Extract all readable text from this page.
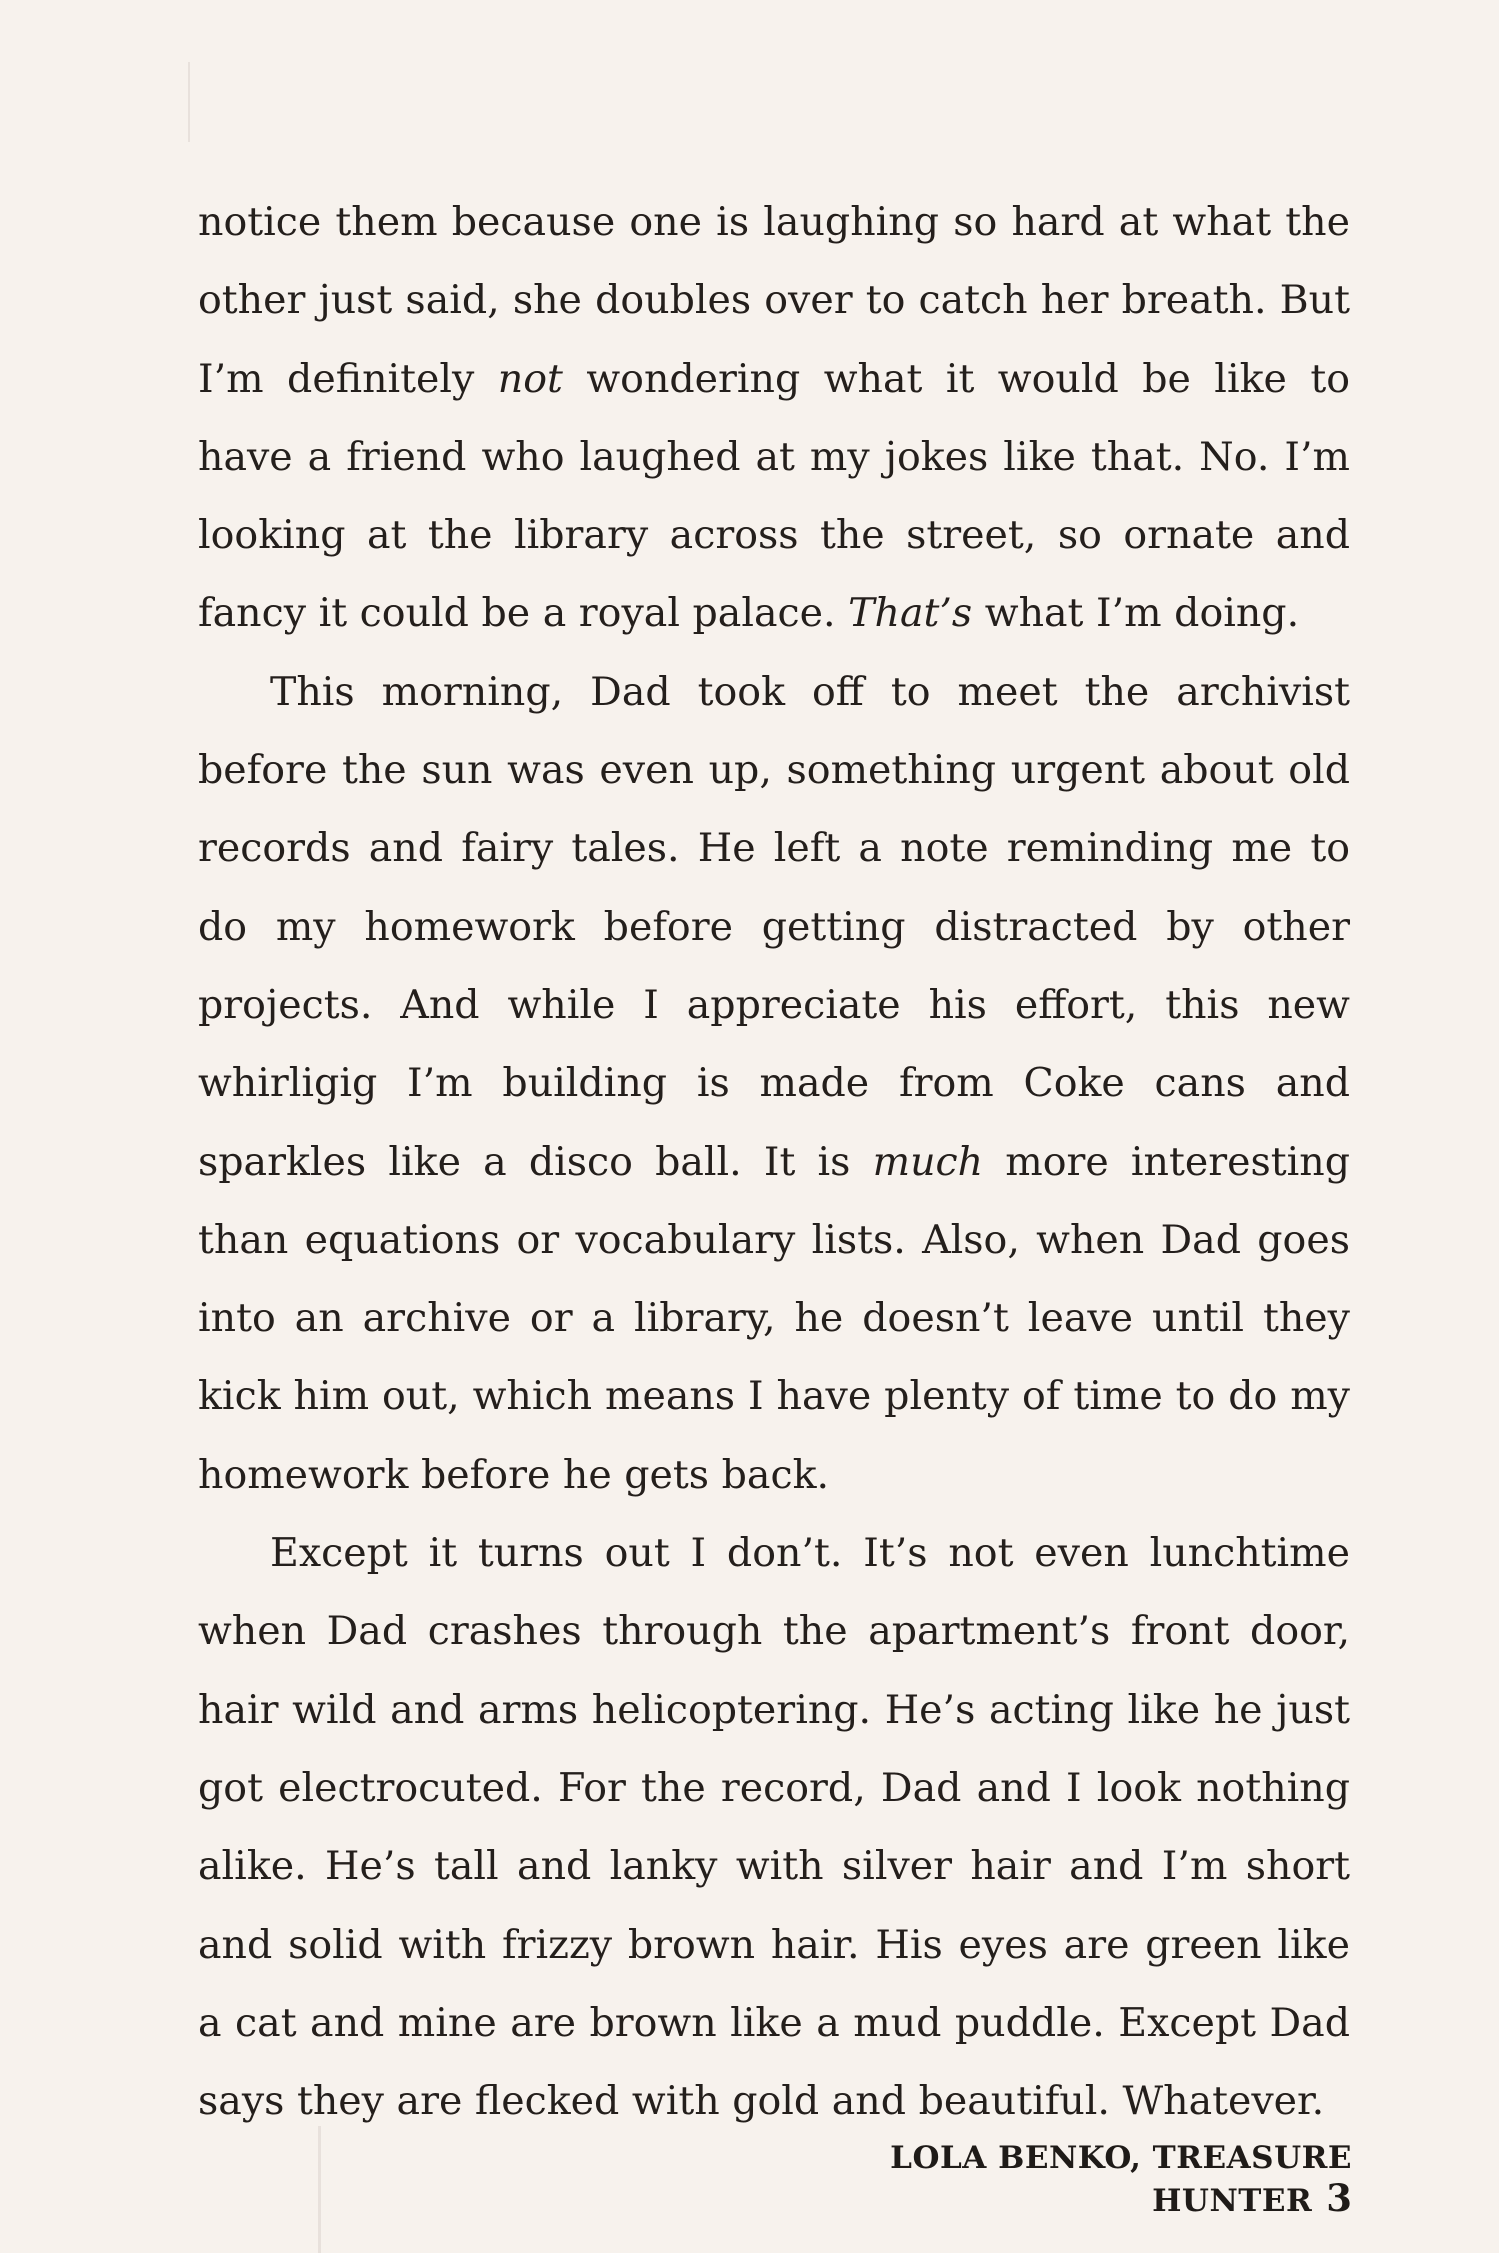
notice them because one is laughing so hard at what the other just said, she doubles over to catch her breath. But I’m definitely not wondering what it would be like to have a friend who laughed at my jokes like that. No. I’m looking at the library across the street, so ornate and fancy it could be a royal palace. That’s what I’m doing.

This morning, Dad took off to meet the archivist before the sun was even up, something urgent about old records and fairy tales. He left a note reminding me to do my homework before getting distracted by other projects. And while I appreciate his effort, this new whirligig I’m building is made from Coke cans and sparkles like a disco ball. It is much more interesting than equations or vocabulary lists. Also, when Dad goes into an archive or a library, he doesn’t leave until they kick him out, which means I have plenty of time to do my homework before he gets back.

Except it turns out I don’t. It’s not even lunchtime when Dad crashes through the apartment’s front door, hair wild and arms helicoptering. He’s acting like he just got electrocuted. For the record, Dad and I look nothing alike. He’s tall and lanky with silver hair and I’m short and solid with frizzy brown hair. His eyes are green like a cat and mine are brown like a mud puddle. Except Dad says they are flecked with gold and beautiful. Whatever.

LOLA BENKO, TREASURE HUNTER 3
